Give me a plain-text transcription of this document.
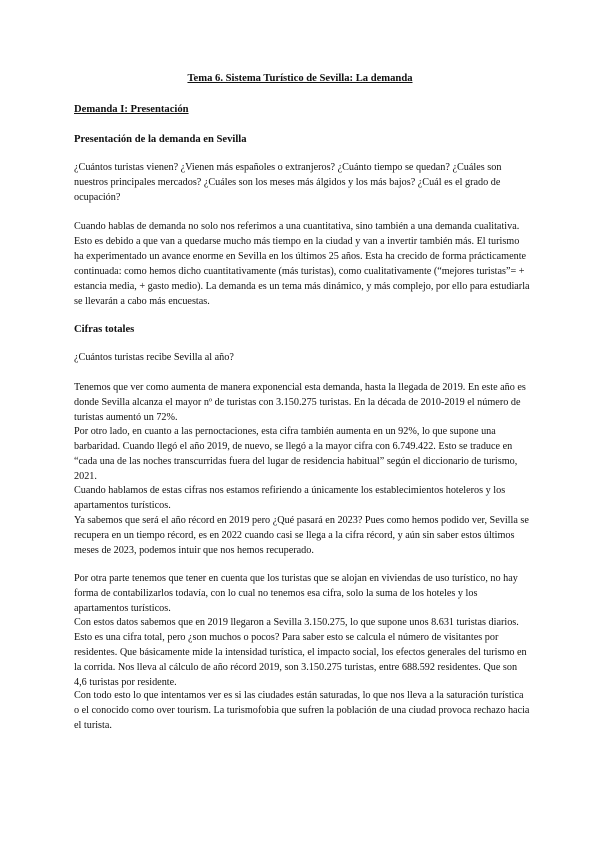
Tema 6. Sistema Turístico de Sevilla: La demanda
Demanda I: Presentación
Presentación de la demanda en Sevilla

¿Cuántos turistas vienen? ¿Vienen más españoles o extranjeros? ¿Cuánto tiempo se quedan? ¿Cuáles son nuestros principales mercados? ¿Cuáles son los meses más álgidos y los más bajos? ¿Cuál es el grado de ocupación?

Cuando hablas de demanda no solo nos referimos a una cuantitativa, sino también a una demanda cualitativa. Esto es debido a que van a quedarse mucho más tiempo en la ciudad y van a invertir también más. El turismo ha experimentado un avance enorme en Sevilla en los últimos 25 años. Esta ha crecido de forma prácticamente continuada: como hemos dicho cuantitativamente (más turistas), como cualitativamente (“mejores turistas”= + estancia media, + gasto medio). La demanda es un tema más dinámico, y más complejo, por ello para estudiarla se llevarán a cabo más encuestas.

Cifras totales

¿Cuántos turistas recibe Sevilla al año?

Tenemos que ver como aumenta de manera exponencial esta demanda, hasta la llegada de 2019. En este año es donde Sevilla alcanza el mayor nº de turistas con 3.150.275 turistas. En la década de 2010-2019 el número de turistas aumentó un 72%.

Por otro lado, en cuanto a las pernoctaciones, esta cifra también aumenta en un 92%, lo que supone una barbaridad. Cuando llegó el año 2019, de nuevo, se llegó a la mayor cifra con 6.749.422. Esto se traduce en “cada una de las noches transcurridas fuera del lugar de residencia habitual” según el diccionario de turismo, 2021.

Cuando hablamos de estas cifras nos estamos refiriendo a únicamente los establecimientos hoteleros y los apartamentos turísticos.

Ya sabemos que será el año récord en 2019 pero ¿Qué pasará en 2023? Pues como hemos podido ver, Sevilla se recupera en un tiempo récord, es en 2022 cuando casi se llega a la cifra récord, y aún sin saber estos últimos meses de 2023, podemos intuir que nos hemos recuperado.

Por otra parte tenemos que tener en cuenta que los turistas que se alojan en viviendas de uso turístico, no hay forma de contabilizarlos todavía, con lo cual no tenemos esa cifra, solo la suma de los hoteles y los apartamentos turísticos.

Con estos datos sabemos que en 2019 llegaron a Sevilla 3.150.275, lo que supone unos 8.631 turistas diarios. Esto es una cifra total, pero ¿son muchos o pocos? Para saber esto se calcula el número de visitantes por residentes. Que básicamente mide la intensidad turística, el impacto social, los efectos generales del turismo en la corrida. Nos lleva al cálculo de año récord 2019, son 3.150.275 turistas, entre 688.592 residentes. Que son 4,6 turistas por residente.

Con todo esto lo que intentamos ver es si las ciudades están saturadas, lo que nos lleva a la saturación turística o el conocido como over tourism. La turismofobia que sufren la población de una ciudad provoca rechazo hacia el turista.
